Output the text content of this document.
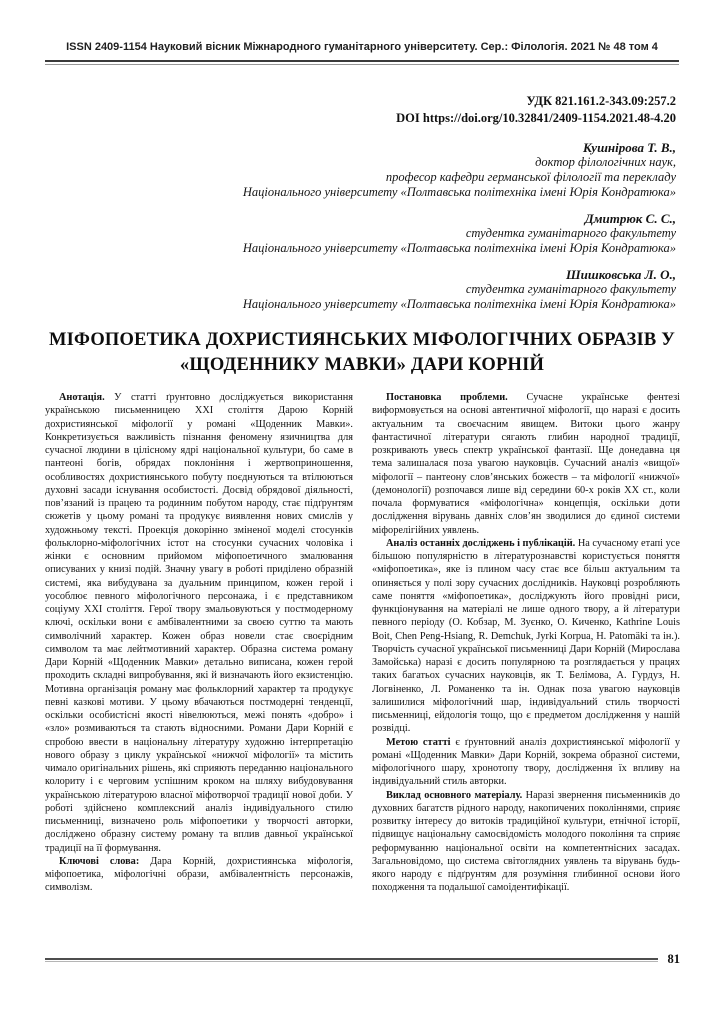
ISSN 2409-1154 Науковий вісник Міжнародного гуманітарного університету. Сер.: Філологія. 2021 № 48 том 4
УДК 821.161.2-343.09:257.2
DOI https://doi.org/10.32841/2409-1154.2021.48-4.20
Кушнірова Т. В.,
доктор філологічних наук,
професор кафедри германської філології та перекладу
Національного університету «Полтавська політехніка імені Юрія Кондратюка»
Дмитрюк С. С.,
студентка гуманітарного факультету
Національного університету «Полтавська політехніка імені Юрія Кондратюка»
Шишковська Л. О.,
студентка гуманітарного факультету
Національного університету «Полтавська політехніка імені Юрія Кондратюка»
МІФОПОЕТИКА ДОХРИСТИЯНСЬКИХ МІФОЛОГІЧНИХ ОБРАЗІВ У «ЩОДЕННИКУ МАВКИ» ДАРИ КОРНІЙ

Анотація. У статті ґрунтовно досліджується використання українською письменницею ХХІ століття Дарою Корній дохристиянської міфології у романі «Щоденник Мавки». Конкретизується важливість пізнання феномену язичництва для сучасної людини в цілісному ядрі національної культури, бо саме в пантеоні богів, обрядах поклоніння і жертвоприношення, особливостях дохристиянського побуту поєднуються та втілюються духовні засади існування особистості. Досвід обрядової діяльності, пов’язаний із працею та родинним побутом народу, стає підґрунтям сюжетів у цьому романі та продукує виявлення нових смислів у художньому тексті. Проекція докорінно зміненої моделі стосунків фольклорно-міфологічних істот на стосунки сучасних чоловіка і жінки є основним прийомом міфопоетичного змалювання описуваних у книзі подій. Значну увагу в роботі приділено образній системі, яка вибудувана за дуальним принципом, кожен герой і уособлює певного міфологічного персонажа, і є представником соціуму ХХІ століття. Герої твору змальовуються у постмодерному ключі, оскільки вони є амбівалентними за своєю суттю та мають символічний характер. Кожен образ новели стає своєрідним символом та має лейтмотивний характер. Образна система роману Дари Корній «Щоденник Мавки» детально виписана, кожен герой проходить складні випробування, які й визначають його екзистенцію. Мотивна організація роману має фольклорний характер та продукує певні казкові мотиви. У цьому вбачаються постмодерні тенденції, оскільки особистісні якості нівелюються, межі понять «добро» і «зло» розмиваються та стають відносними. Романи Дари Корній є спробою ввести в національну літературу художню інтерпретацію нового образу з циклу української «нижчої міфології» та містить чимало оригінальних рішень, які сприяють переданню національного колориту і є черговим успішним кроком на шляху вибудовування українською літературою власної міфотворчої традиції нової доби. У роботі здійснено комплексний аналіз індивідуального стилю письменниці, визначено роль міфопоетики у творчості авторки, досліджено образну систему роману та вплив давньої української традиції на її формування.

Ключові слова: Дара Корній, дохристиянська міфологія, міфопоетика, міфологічні образи, амбівалентність персонажів, символізм.

Постановка проблеми. Сучасне українське фентезі виформовується на основі автентичної міфології, що наразі є досить актуальним та своєчасним явищем. Витоки цього жанру фантастичної літератури сягають глибин народної традиції, розкривають увесь спектр української фантазії. Ще донедавна ця тема залишалася поза увагою науковців. Сучасний аналіз «вищої» міфології – пантеону слов’янських божеств – та міфології «нижчої» (демонології) розпочався лише від середини 60-х років ХХ ст., коли почала формуватися «міфологічна» концепція, оскільки доти дослідження вірувань давніх слов’ян зводилися до єдиної системи міфорелігійних уявлень.

Аналіз останніх досліджень і публікацій. На сучасному етапі усе більшою популярністю в літературознавстві користується поняття «міфопоетика», яке із плином часу стає все більш актуальним та опиняється у полі зору сучасних дослідників. Науковці розробляють саме поняття «міфопоетика», досліджують його провідні риси, функціонування на матеріалі не лише одного твору, а й літератури певного періоду (О. Кобзар, М. Зуєнко, О. Киченко, Kathrine Louis Boit, Chen Peng-Hsiang, R. Demchuk, Jyrki Korpua, H. Patomäki та ін.). Творчість сучасної української письменниці Дари Корній (Мирослава Замойська) наразі є досить популярною та розглядається у працях таких багатьох сучасних науковців, як Т. Белімова, А. Гурдуз, Н. Логвіненко, Л. Романенко та ін. Однак поза увагою науковців залишилися міфологічний шар, індивідуальний стиль творчості письменниці, ейдологія тощо, що є предметом дослідження у нашій розвідці.

Метою статті є ґрунтовний аналіз дохристиянської міфології у романі «Щоденник Мавки» Дари Корній, зокрема образної системи, міфологічного шару, хронотопу твору, дослідження їх впливу на індивідуальний стиль авторки.

Виклад основного матеріалу. Наразі звернення письменників до духовних багатств рідного народу, накопичених поколіннями, сприяє розвитку інтересу до витоків традиційної культури, етнічної історії, підвищує національну самосвідомість молодого покоління та сприяє реформуванню національної освіти на компетентнісних засадах. Загальновідомо, що система світоглядних уявлень та вірувань будь-якого народу є підґрунтям для розуміння глибинної основи його походження та подальшої самоідентифікації.

81
